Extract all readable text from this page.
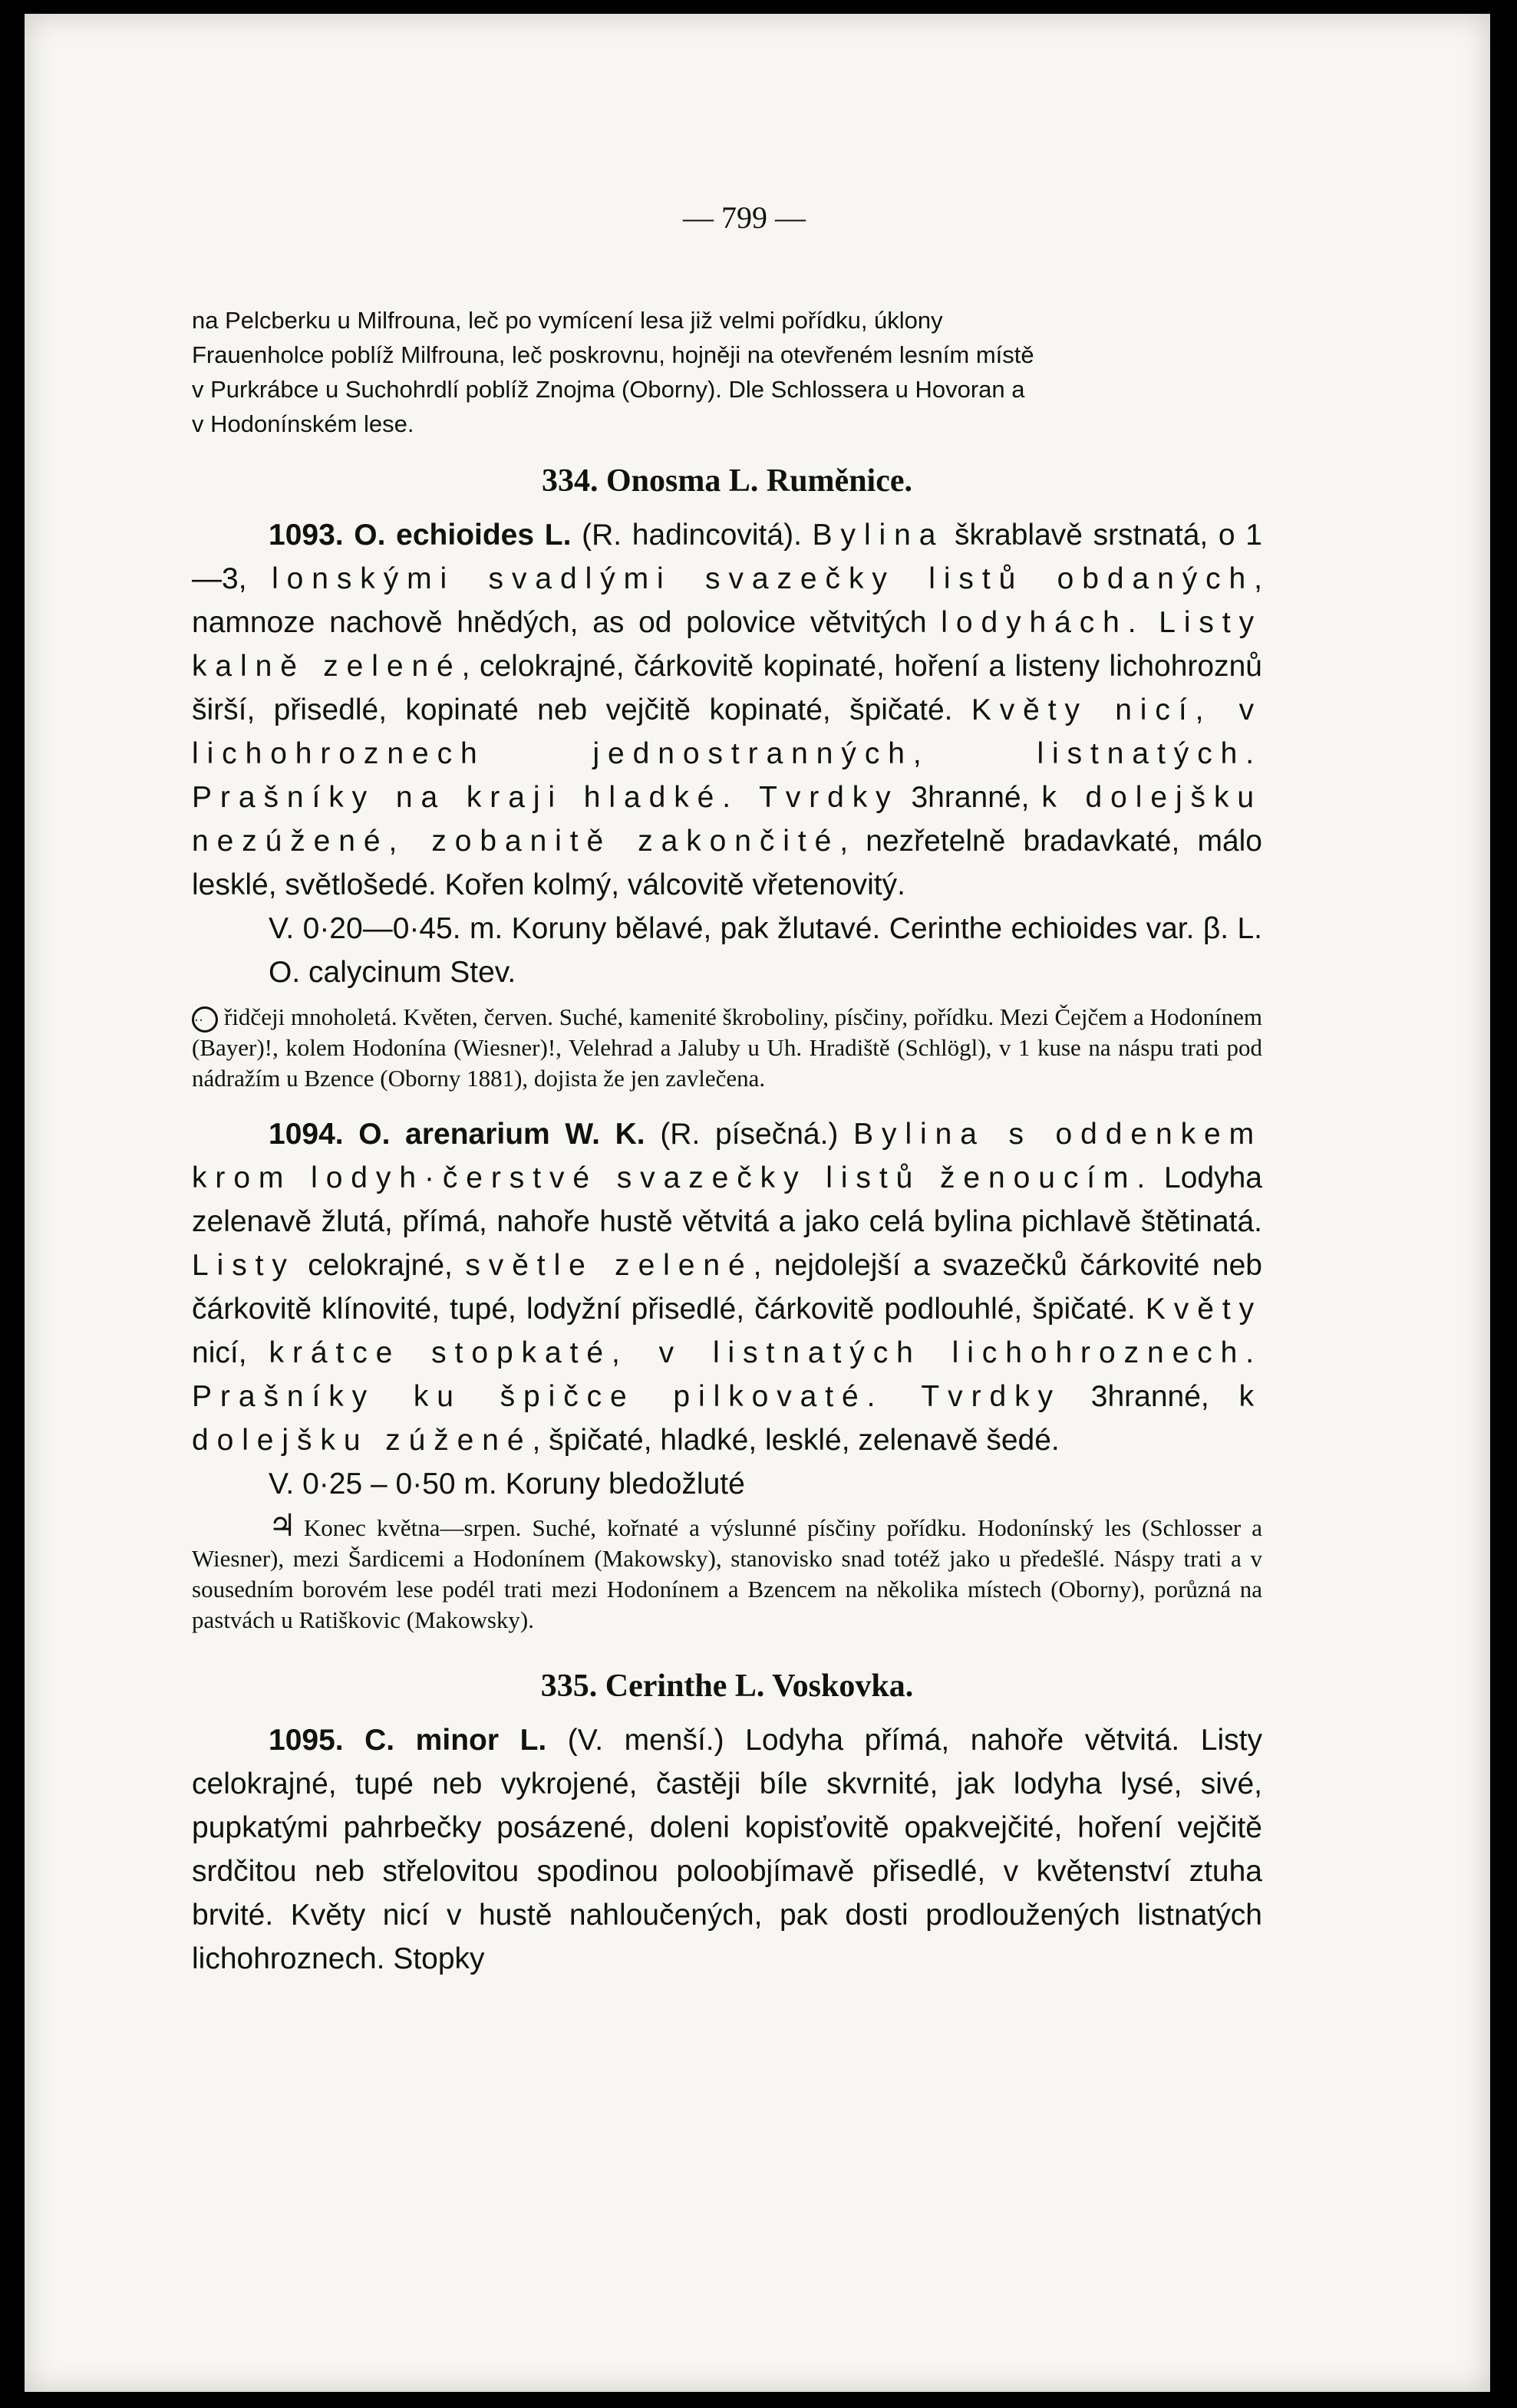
— 799 —
na Pelcberku u Milfrouna, leč po vymícení lesa již velmi pořídku, úklony
Frauenholce poblíž Milfrouna, leč poskrovnu, hojněji na otevřeném lesním místě
v Purkrábce u Suchohrdlí poblíž Znojma (Oborny). Dle Schlossera u Hovoran a
v Hodonínském lese.
334. Onosma L. Ruměnice.

1093. O. echioides L. (R. hadincovitá). Bylina škrablavě srstnatá, o 1—3, lonskými svadlými svazečky listů obdaných, namnoze nachově hnědých, as od polovice větvitých lodyhách. Listy kalně zelené, celokrajné, čárkovitě kopinaté, hoření a listeny lichohroznů širší, přisedlé, kopinaté neb vejčitě kopinaté, špičaté. Květy nicí, v lichohroznech jednostranných, listnatých. Prašníky na kraji hladké. Tvrdky 3hranné, k dolejšku nezúžené, zobanitě zakončité, nezřetelně bradavkaté, málo lesklé, světlošedé. Kořen kolmý, válcovitě vřetenovitý.

V. 0·20—0·45. m. Koruny bělavé, pak žlutavé. Cerinthe echioides var. β. L. O. calycinum Stev.

·· řidčeji mnoholetá. Květen, červen. Suché, kamenité škroboliny, písčiny, pořídku. Mezi Čejčem a Hodonínem (Bayer)!, kolem Hodonína (Wiesner)!, Velehrad a Jaluby u Uh. Hradiště (Schlögl), v 1 kuse na náspu trati pod nádražím u Bzence (Oborny 1881), dojista že jen zavlečena.

1094. O. arenarium W. K. (R. písečná.) Bylina s oddenkem krom lodyh·čerstvé svazečky listů ženoucím. Lodyha zelenavě žlutá, přímá, nahoře hustě větvitá a jako celá bylina pichlavě štětinatá. Listy celokrajné, světle zelené, nejdolejší a svazečků čárkovité neb čárkovitě klínovité, tupé, lodyžní přisedlé, čárkovitě podlouhlé, špičaté. Květy nicí, krátce stopkaté, v listnatých lichohroznech. Prašníky ku špičce pilkovaté. Tvrdky 3hranné, k dolejšku zúžené, špičaté, hladké, lesklé, zelenavě šedé.

V. 0·25 – 0·50 m. Koruny bledožluté

♃ Konec května—srpen. Suché, kořnaté a výslunné písčiny pořídku. Hodonínský les (Schlosser a Wiesner), mezi Šardicemi a Hodonínem (Makowsky), stanovisko snad totéž jako u předešlé. Náspy trati a v sousedním borovém lese podél trati mezi Hodonínem a Bzencem na několika místech (Oborny), porůzná na pastvách u Ratiškovic (Makowsky).

335. Cerinthe L. Voskovka.

1095. C. minor L. (V. menší.) Lodyha přímá, nahoře větvitá. Listy celokrajné, tupé neb vykrojené, častěji bíle skvrnité, jak lodyha lysé, sivé, pupkatými pahrbečky posázené, doleni kopisťovitě opakvejčité, hoření vejčitě srdčitou neb střelovitou spodinou poloobjímavě přisedlé, v květenství ztuha brvité. Květy nicí v hustě nahloučených, pak dosti prodloužených listnatých lichohroznech. Stopky
